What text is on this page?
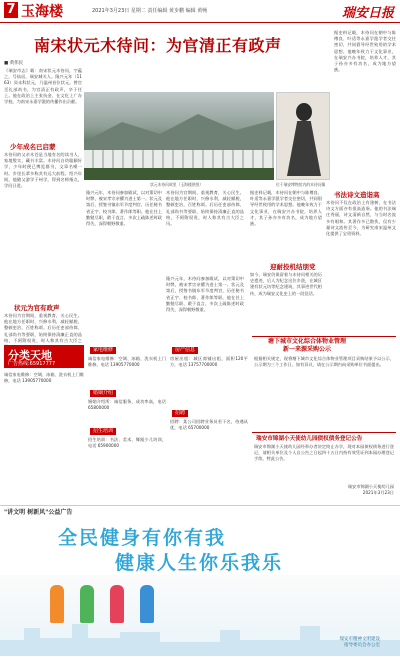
7 玉海楼	2021年3月23日 星期二 责任编辑 黄步鹏 编辑 黄畅	瑞安日报
南宋状元木待问：为官清正有政声
■ 黄伟民
《瑞安市志》载：南宋状元木待问，字蕴之，号仙居，瑞安城关人。隆兴元年（1163）癸未科状元，乃温州首位状元。曾官至礼部尚书，为官清正有政声，卒于任上。他在政治上主张抗金，在文化上广办学校，为南宋永嘉学派的传播作出贡献。
少年成名已启蒙
木待问的父亲木苍是当地有名的读书人，家境殷实，藏书丰富。木待问自幼聪颖好学，少年时便已博览群书，文章名噪一时。乡里长辈多称其有远大前程。绍兴年间，他随父游学于州学，得到名师指点，学问日进。	状元木待问故里（玉海楼供图）	位于瑞安博物馆内的木待问像
据史料记载，木待问在朝中与陈傅良、叶适等永嘉学派学者交往密切，共同倡导经世致用的学术思想。他晚年致力于文化事业，在瑞安兴办书院，培养人才，其子孙亦多有功名，成为地方望族。
隆兴元年，木待问参加殿试，以对策切中时弊，被宋孝宗亲擢为进士第一。状元及第后，授签书镇东军节度判官，历任秘书省正字、校书郎、著作郎等职。他在任上勤勉尽职，敢于直言，多次上疏陈述时政得失，深得朝野敬重。
木待问为官期间，重视教育，关心民生。他在地方任职时，兴修水利，减轻赋税，整顿吏治，百姓称颂。后历任吏部侍郎、礼部尚书等要职，始终保持清廉正直的品格，不阿附权贵，时人称其有古大臣之风。
迎耐投机结朋党
据史料记载，木待问在朝中与陈傅良、叶适等永嘉学派学者交往密切，共同倡导经世致用的学术思想。他晚年致力于文化事业，在瑞安兴办书院，培养人才，其子孙亦多有功名，成为地方望族。
如今，瑞安仍保留着与木待问相关的历史遗迹，后人为纪念这位乡贤，在城区建有状元坊等纪念建筑，其事迹世代相传，成为瑞安文化史上的一段佳话。
书法诗文造诣高
木待问不仅在政治上有建树，在书法诗文方面亦有很高造诣。他的书法端庄秀丽，诗文清新自然，与当时名流多有唱和。其著作多已散佚，仅有少量诗文流传至今，为研究南宋温州文化提供了宝贵资料。
状元为官有政声
木待问为官期间，重视教育，关心民生。他在地方任职时，兴修水利，减轻赋税，整顿吏治，百姓称颂。后历任吏部侍郎、礼部尚书等要职，始终保持清廉正直的品格，不阿附权贵，时人称其有古大臣之
隆兴元年，木待问参加殿试，以对策切中时弊，被宋孝宗亲擢为进士第一。状元及第后，授签书镇东军节度判官，历任秘书省正字、校书郎、著作郎等职。他在任上勤勉尽职，敢于直言，多次上疏陈述时政得失，深得朝野敬重。
分类天地
广告热线:65917777
诚信家电维修：空调、冰箱、洗衣机上门维修，电话 13905770000
家电维修
诚信家电维修：空调、冰箱、洗衣机上门维修，电话 13905770000
婚姻介绍
婚姻介绍所：诚信服务，成功率高，电话 65800000
招生培训
招生培训：书法、美术、舞蹈少儿培训，电话 65900000
房产信息
房屋出租：城区商铺出租，面积120平方，电话 13757700000
招聘
招聘：某公司招聘业务员若干名，待遇从优，电话 65700000
塘下城市文化综合体物业管理
新一来源采购公示
根据相关规定，现将塘下城市文化综合体物业管理项目采购结果予以公示，公示期为三个工作日。如有异议，请在公示期内向采购单位书面提出。
瑞安市锦湖小天使幼儿园债权债务登记公告
瑞安市锦湖小天使幼儿园经举办者决定终止办学，现对本园债权债务进行登记，请相关单位及个人自公告之日起四十五日内持有效凭证到本园办理登记手续。特此公告。
瑞安市锦湖小天使幼儿园
2021年3月23日
"讲文明 树新风"公益广告
全民健身有你有我
健康人生你乐我乐
瑞安市精神文明建设
指导委员会办公室
